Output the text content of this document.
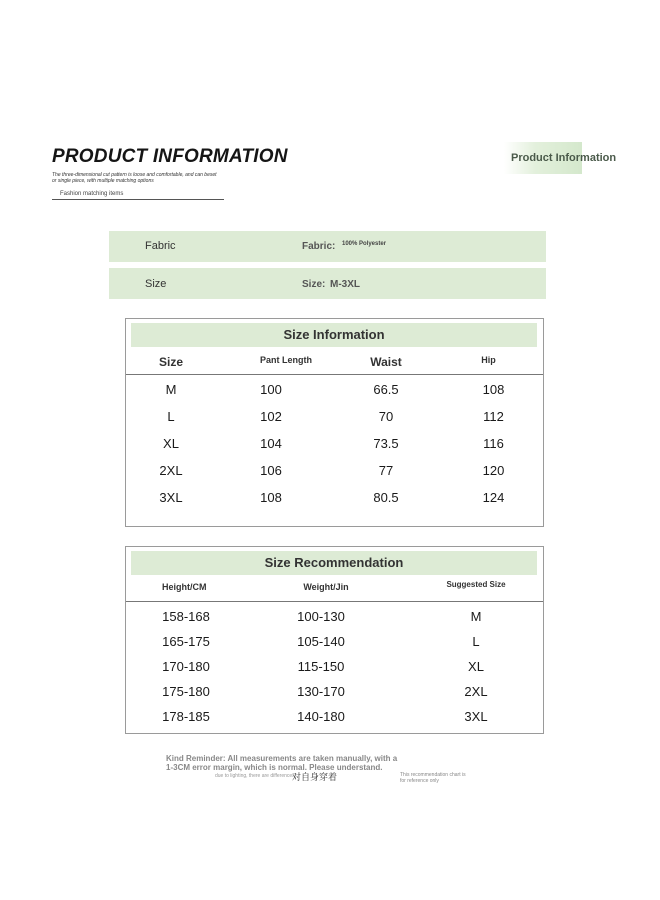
PRODUCT INFORMATION
The three-dimensional cut pattern is loose and comfortable, and can beset or single piece, with multiple matching options
Fashion matching items
Product Information
Fabric	Fabric: 100% Polyester
Size	Size: M-3XL
Size Information
Size	Pant Length	Waist	Hip
M	100	66.5	108
L	102	70	112
XL	104	73.5	116
2XL	106	77	120
3XL	108	80.5	124
Size Recommendation
Height/CM	Weight/Jin	Suggested Size
158-168	100-130	M
165-175	105-140	L
170-180	115-150	XL
175-180	130-170	2XL
178-185	140-180	3XL
Kind Reminder: All measurements are taken manually, with a
1-3CM error margin, which is normal. Please understand.
due to lighting, there are differences
对自身穿着	This recommendation chart is for reference only
